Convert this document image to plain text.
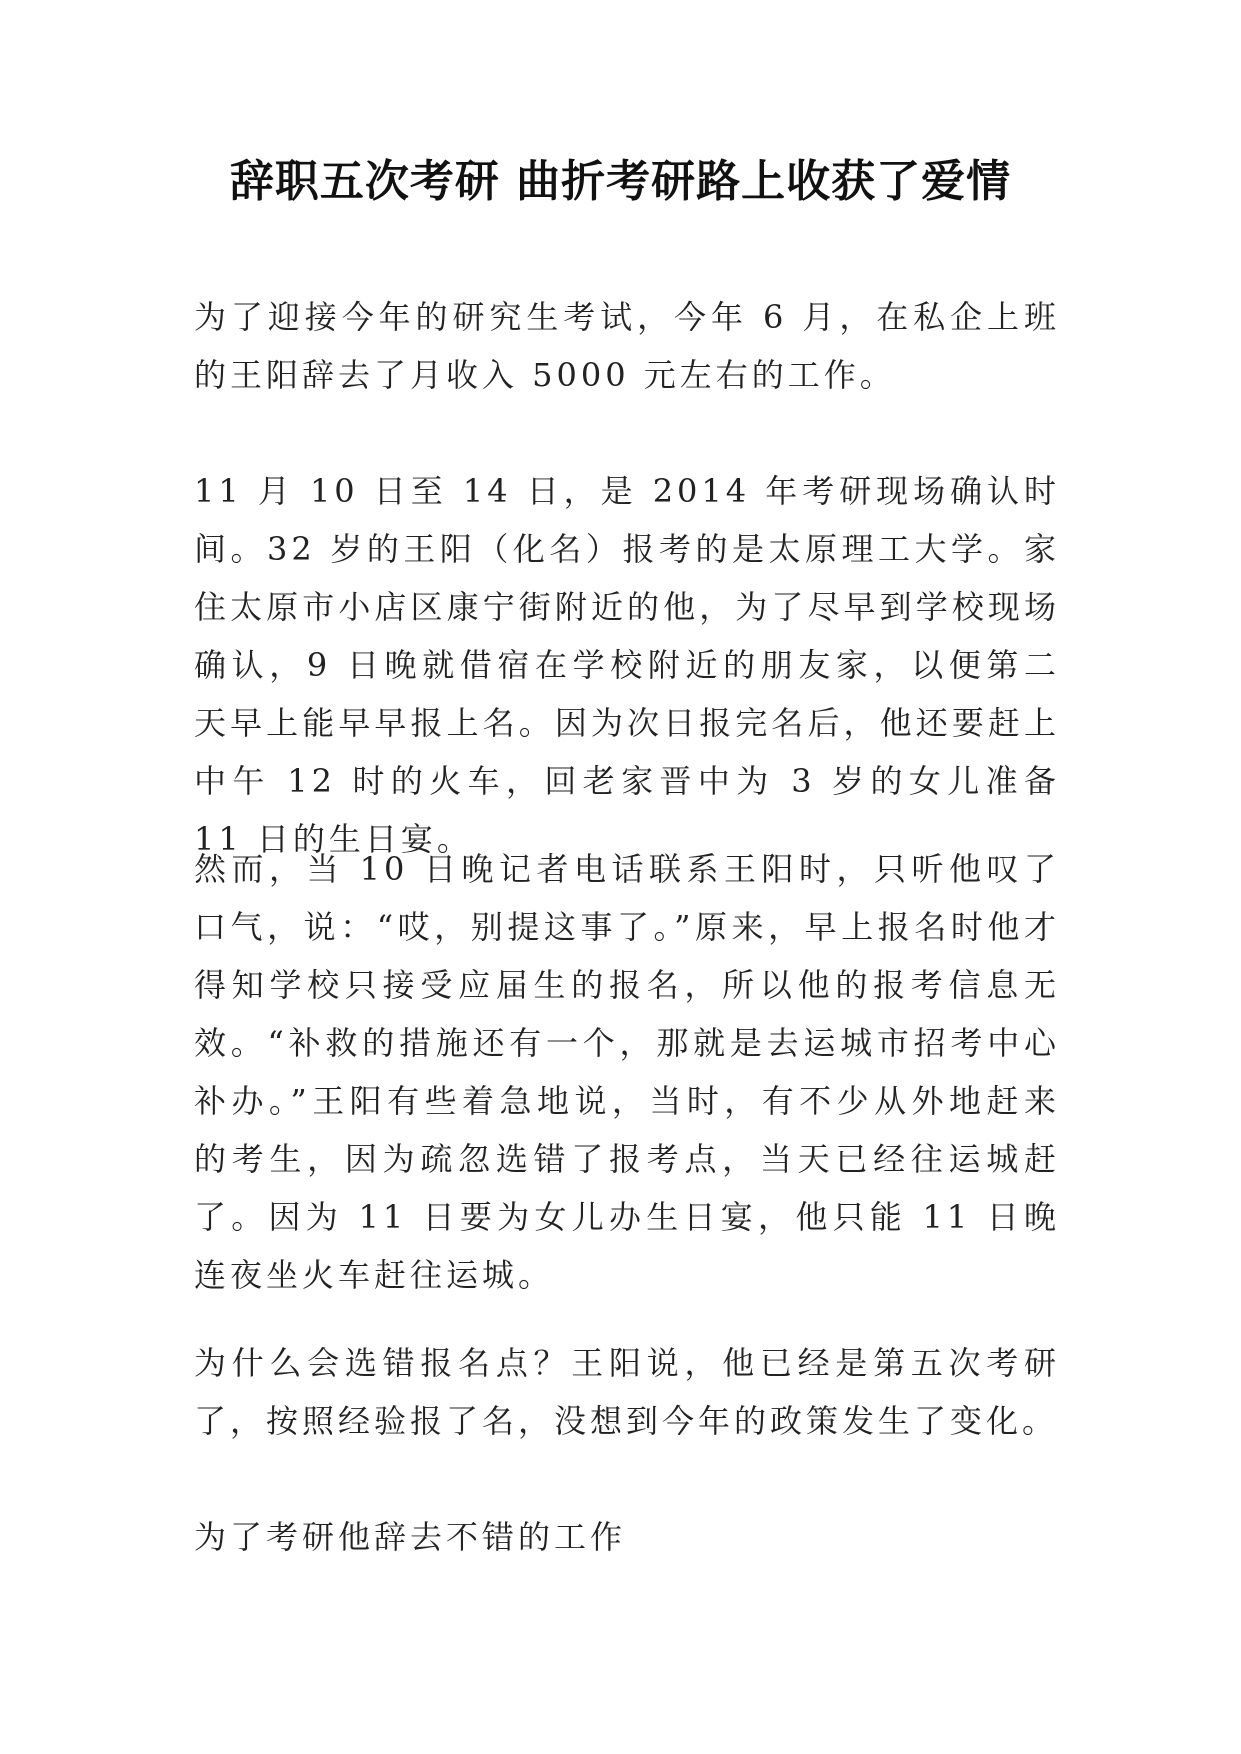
辞职五次考研 曲折考研路上收获了爱情

为了迎接今年的研究生考试，今年 6 月，在私企上班的王阳辞去了月收入 5000 元左右的工作。

11 月 10 日至 14 日，是 2014 年考研现场确认时间。32 岁的王阳（化名）报考的是太原理工大学。家住太原市小店区康宁街附近的他，为了尽早到学校现场确认，9 日晚就借宿在学校附近的朋友家，以便第二天早上能早早报上名。因为次日报完名后，他还要赶上中午 12 时的火车，回老家晋中为 3 岁的女儿准备 11 日的生日宴。

然而，当 10 日晚记者电话联系王阳时，只听他叹了口气，说：“哎，别提这事了。”原来，早上报名时他才得知学校只接受应届生的报名，所以他的报考信息无效。“补救的措施还有一个，那就是去运城市招考中心补办。”王阳有些着急地说，当时，有不少从外地赶来的考生，因为疏忽选错了报考点，当天已经往运城赶了。因为 11 日要为女儿办生日宴，他只能 11 日晚连夜坐火车赶往运城。

为什么会选错报名点？王阳说，他已经是第五次考研了，按照经验报了名，没想到今年的政策发生了变化。

为了考研他辞去不错的工作
